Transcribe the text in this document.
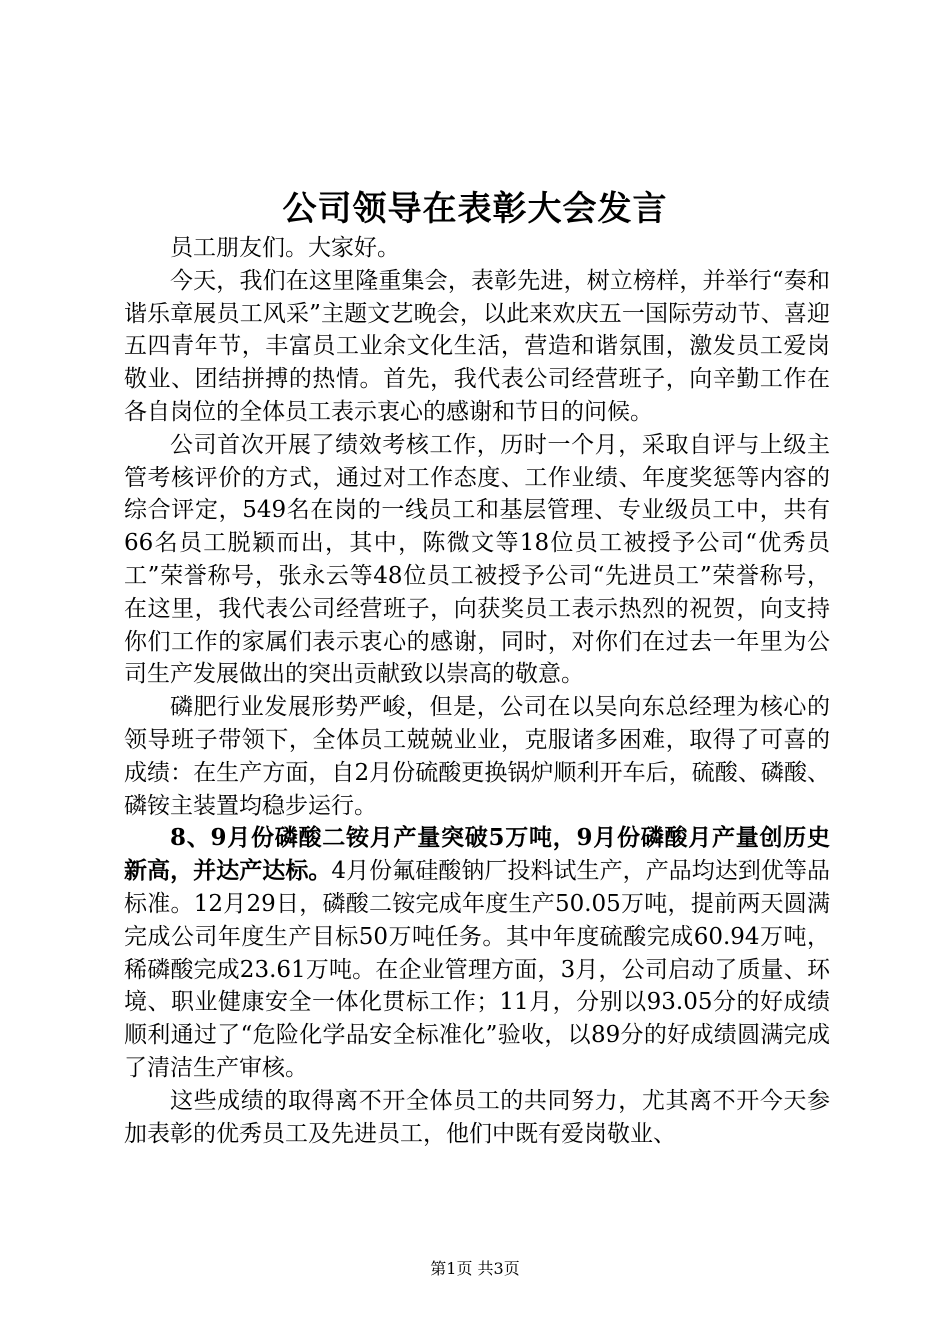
公司领导在表彰大会发言

员工朋友们。大家好。

今天，我们在这里隆重集会，表彰先进，树立榜样，并举行“奏和谐乐章展员工风采”主题文艺晚会，以此来欢庆五一国际劳动节、喜迎五四青年节，丰富员工业余文化生活，营造和谐氛围，激发员工爱岗敬业、团结拼搏的热情。首先，我代表公司经营班子，向辛勤工作在各自岗位的全体员工表示衷心的感谢和节日的问候。

公司首次开展了绩效考核工作，历时一个月，采取自评与上级主管考核评价的方式，通过对工作态度、工作业绩、年度奖惩等内容的综合评定，549名在岗的一线员工和基层管理、专业级员工中，共有66名员工脱颖而出，其中，陈微文等18位员工被授予公司“优秀员工”荣誉称号，张永云等48位员工被授予公司“先进员工”荣誉称号，在这里，我代表公司经营班子，向获奖员工表示热烈的祝贺，向支持你们工作的家属们表示衷心的感谢，同时，对你们在过去一年里为公司生产发展做出的突出贡献致以崇高的敬意。

磷肥行业发展形势严峻，但是，公司在以吴向东总经理为核心的领导班子带领下，全体员工兢兢业业，克服诸多困难，取得了可喜的成绩：在生产方面，自2月份硫酸更换锅炉顺利开车后，硫酸、磷酸、磷铵主装置均稳步运行。

8、9月份磷酸二铵月产量突破5万吨，9月份磷酸月产量创历史新高，并达产达标。4月份氟硅酸钠厂投料试生产，产品均达到优等品标准。12月29日，磷酸二铵完成年度生产50.05万吨，提前两天圆满完成公司年度生产目标50万吨任务。其中年度硫酸完成60.94万吨，稀磷酸完成23.61万吨。在企业管理方面，3月，公司启动了质量、环境、职业健康安全一体化贯标工作；11月，分别以93.05分的好成绩顺利通过了“危险化学品安全标准化”验收，以89分的好成绩圆满完成了清洁生产审核。

这些成绩的取得离不开全体员工的共同努力，尤其离不开今天参加表彰的优秀员工及先进员工，他们中既有爱岗敬业、

第1页 共3页
